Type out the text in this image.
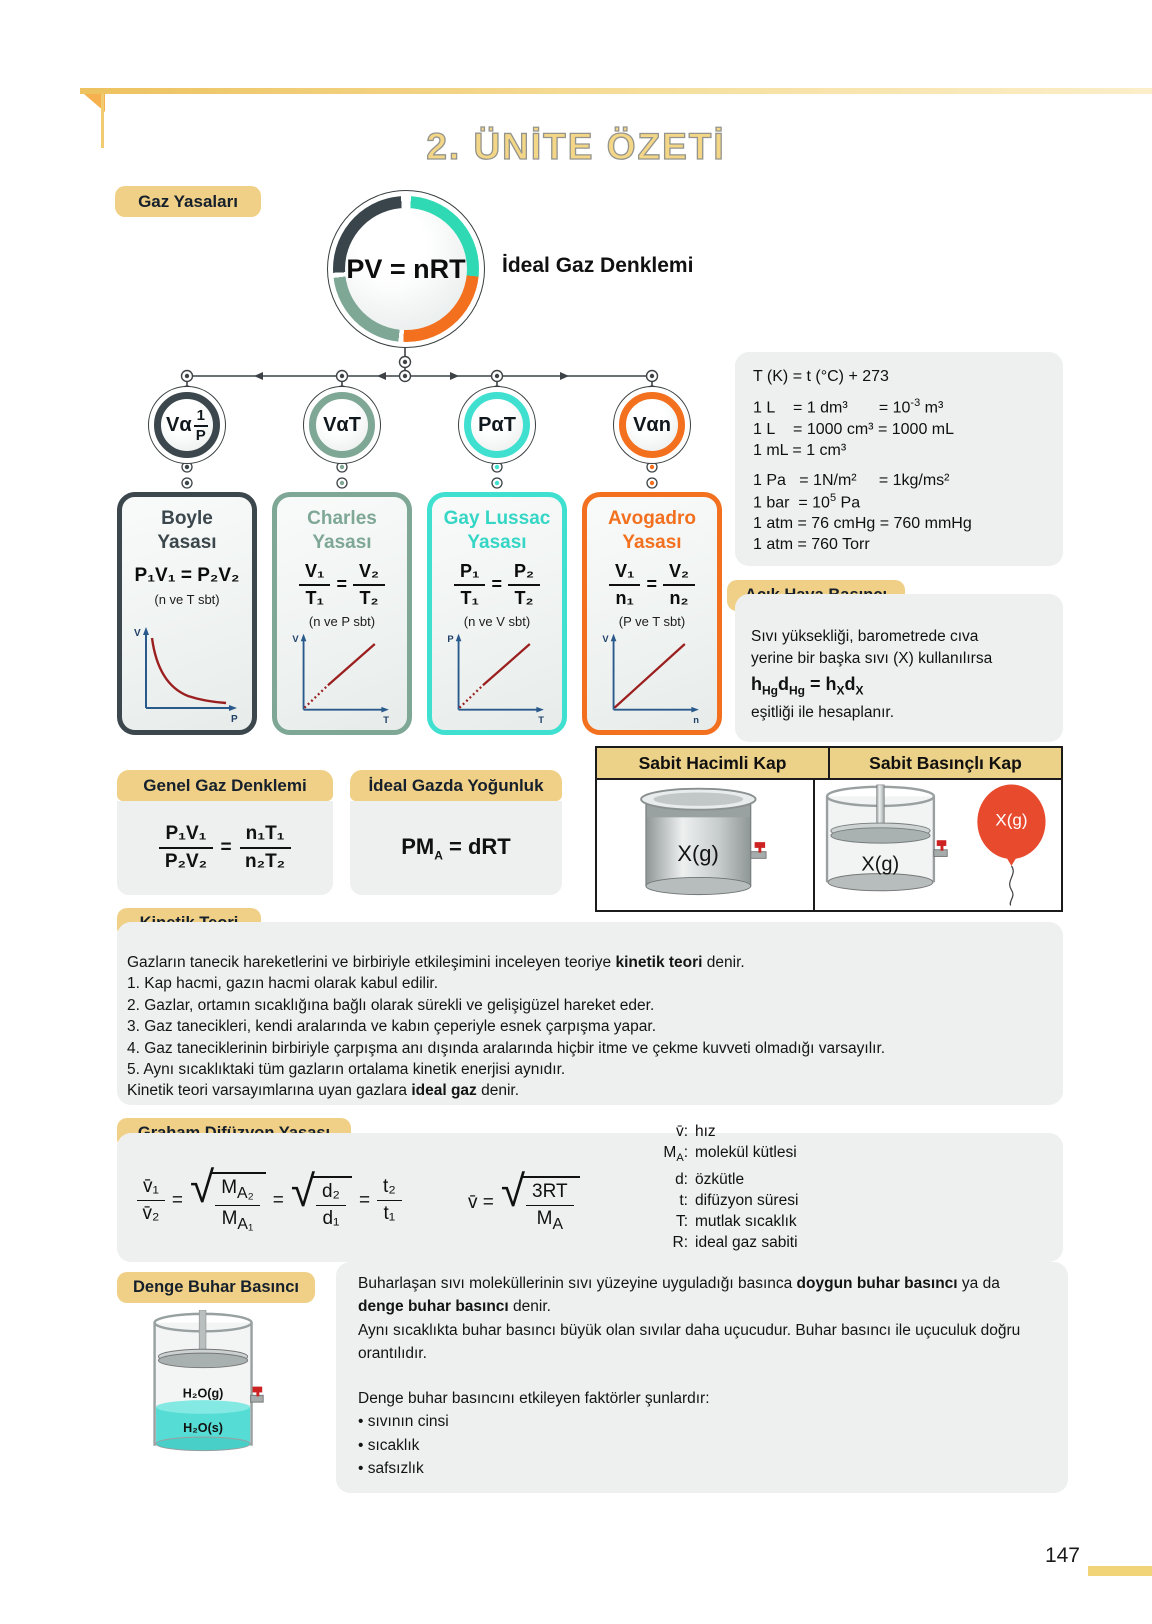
2. ÜNİTE ÖZETİ
Gaz Yasaları
PV = nRT İdeal Gaz Denklemi
Vα 1
P	VαT	PαT	Vαn
Boyle
Yasası
P₁V₁ = P₂V₂
(n ve T sbt)
V
P
Charles
Yasası
$\frac{\text{V₁}}{\text{T₁}} = \frac{\text{V₂}}{\text{T₂}}$
(n ve P sbt)
V
T
Gay Lussac
Yasası
$\frac{\text{P₁}}{\text{T₁}} = \frac{\text{P₂}}{\text{T₂}}$
(n ve V sbt)
P
T
Avogadro
Yasası
$\frac{\text{V₁}}{\text{n₁}} = \frac{\text{V₂}}{\text{n₂}}$
(P ve T sbt)
V
n
T (K) = t (°C) + 273
1 L    = 1 dm³       = $10^{-3}$ m³
1 L    = 1000 cm³ = 1000 mL
1 mL = 1 cm³
1 Pa   = 1N/m²     = 1kg/ms²
1 bar  = $10^5$ Pa
1 atm = 76 cmHg = 760 mmHg
1 atm = 760 Torr
Sıvı yüksekliği, barometrede cıva
yerine bir başka sıvı (X) kullanılırsa
$h_{Hg}d_{Hg} = h_Xd_X$
eşitliği ile hesaplanır.
Sabit Hacimli Kap	Sabit Basınçlı Kap
X(g)	X(g)
X(g)
Genel Gaz Denklemi
$\frac{\text{P₁V₁}}{\text{P₂V₂}} = \frac{\text{n₁T₁}}{\text{n₂T₂}}$
İdeal Gazda Yoğunluk
$PM_A$ = dRT
Gazların tanecik hareketlerini ve birbiriyle etkileşimini inceleyen teoriye kinetik teori denir.
1. Kap hacmi, gazın hacmi olarak kabul edilir.
2. Gazlar, ortamın sıcaklığına bağlı olarak sürekli ve gelişigüzel hareket eder.
3. Gaz tanecikleri, kendi aralarında ve kabın çeperiyle esnek çarpışma yapar.
4. Gaz taneciklerinin birbiriyle çarpışma anı dışında aralarında hiçbir itme ve çekme kuvveti olmadığı varsayılır.
5. Aynı sıcaklıktaki tüm gazların ortalama kinetik enerjisi aynıdır.
Kinetik teori varsayımlarına uyan gazlara ideal gaz denir.
$\frac{\text{v̄₁}}{\text{v̄₂}}$ = √ $\frac{M_{A_2}}{M_{A_1}}$ = √ $\frac{\text{d₂}}{\text{d₁}} = \frac{\text{t₂}}{\text{t₁}}$	v̄ = √ $\frac{3RT}{M_A}$
v̄: hız
$M_A$: molekül kütlesi
d: özkütle
t: difüzyon süresi
T: mutlak sıcaklık
R: ideal gaz sabiti
Denge Buhar Basıncı	Buharlaşan sıvı moleküllerinin sıvı yüzeyine uyguladığı basınca doygun buhar basıncı ya da denge buhar basıncı denir.

Aynı sıcaklıkta buhar basıncı büyük olan sıvılar daha uçucudur. Buhar basıncı ile uçuculuk doğru orantılıdır.

Denge buhar basıncını etkileyen faktörler şunlardır:

• sıvının cinsi
• sıcaklık
• safsızlık
H₂O(g)
H₂O(s)
147
